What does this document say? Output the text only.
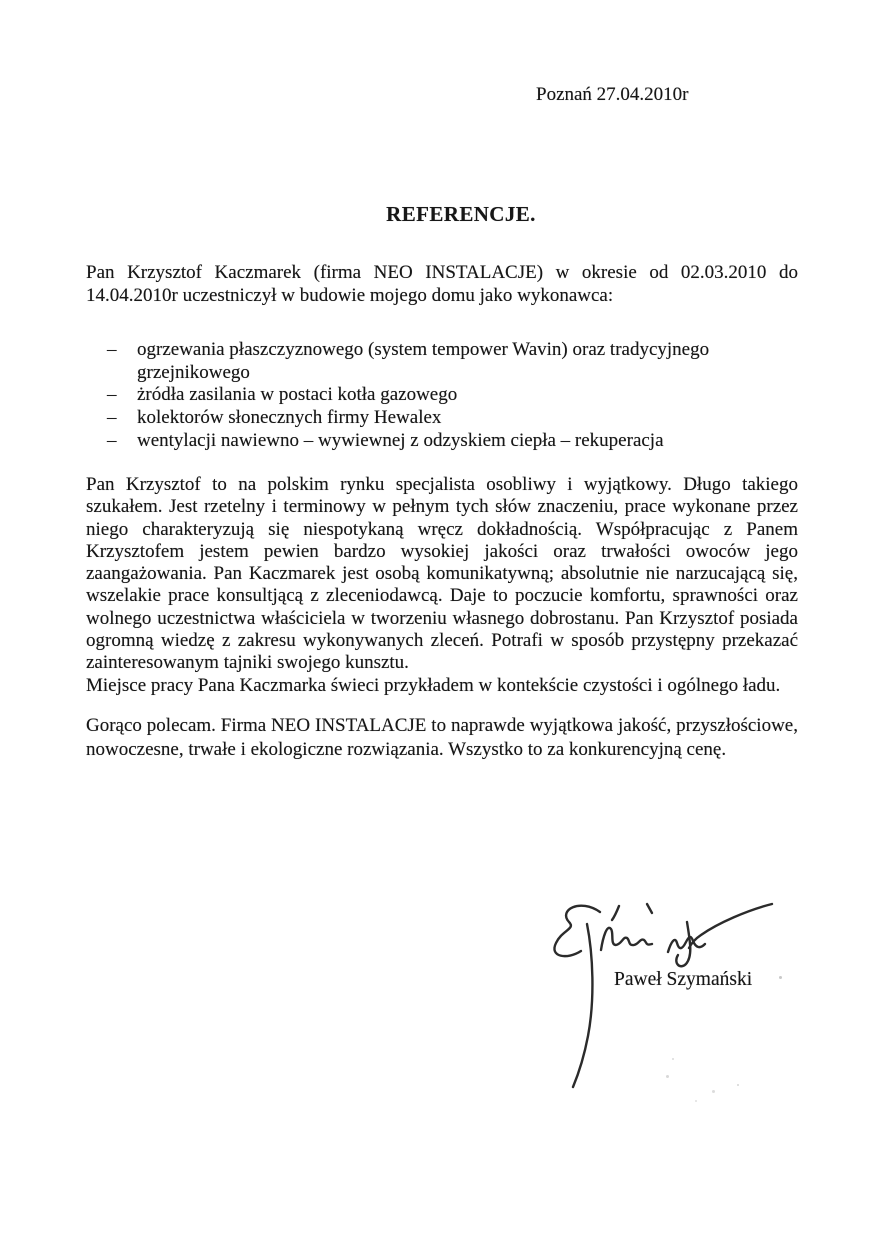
Poznań 27.04.2010r
REFERENCJE.

Pan Krzysztof Kaczmarek (firma NEO INSTALACJE) w okresie od 02.03.2010 do 14.04.2010r uczestniczył w budowie mojego domu jako wykonawca:

–	ogrzewania płaszczyznowego (system tempower Wavin) oraz tradycyjnego grzejnikowego
–	żródła zasilania w postaci kotła gazowego
–	kolektorów słonecznych firmy Hewalex
–	wentylacji nawiewno – wywiewnej z odzyskiem ciepła – rekuperacja
Pan Krzysztof to na polskim rynku specjalista osobliwy i wyjątkowy. Długo takiego szukałem. Jest rzetelny i terminowy w pełnym tych słów znaczeniu, prace wykonane przez niego charakteryzują się niespotykaną wręcz dokładnością. Współpracując z Panem Krzysztofem jestem pewien bardzo wysokiej jakości oraz trwałości owoców jego zaangażowania. Pan Kaczmarek jest osobą komunikatywną; absolutnie nie narzucającą się, wszelakie prace konsultjącą z zleceniodawcą. Daje to poczucie komfortu, sprawności oraz wolnego uczestnictwa właściciela w tworzeniu własnego dobrostanu. Pan Krzysztof posiada ogromną wiedzę z zakresu wykonywanych zleceń. Potrafi w sposób przystępny przekazać zainteresowanym tajniki swojego kunsztu.
Miejsce pracy Pana Kaczmarka świeci przykładem w kontekście czystości i ogólnego ładu.

Gorąco polecam. Firma NEO INSTALACJE to naprawde wyjątkowa jakość, przyszłościowe, nowoczesne, trwałe i ekologiczne rozwiązania. Wszystko to za konkurencyjną cenę.

Paweł Szymański
